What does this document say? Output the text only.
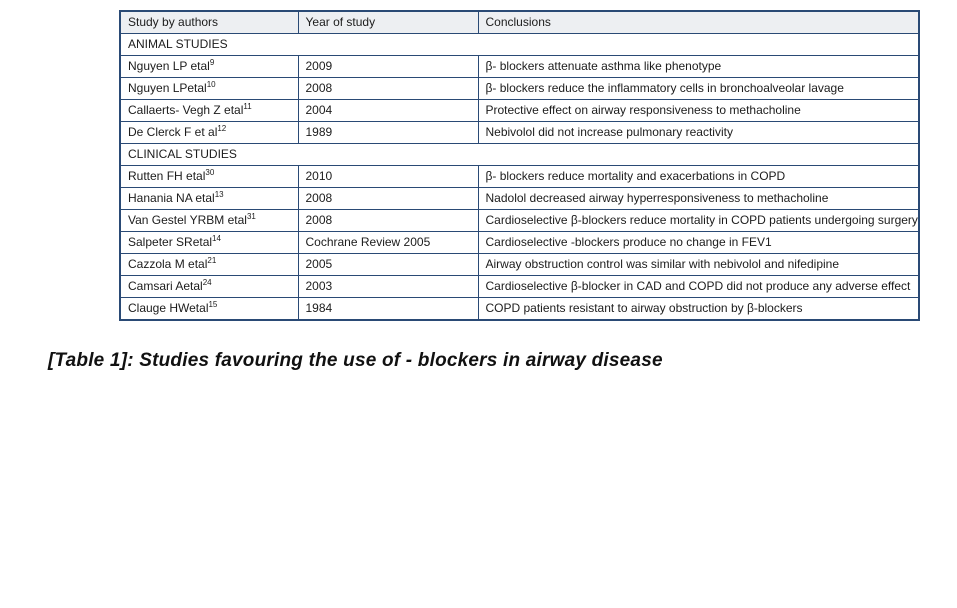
Study by authors	Year of study	Conclusions
ANIMAL STUDIES		
Nguyen LP etal$^9$	2009	β- blockers attenuate asthma like phenotype
Nguyen LPetal$^{10}$	2008	β- blockers reduce the inflammatory cells in bronchoalveolar lavage
Callaerts- Vegh Z etal$^{11}$	2004	Protective effect on airway responsiveness to methacholine
De Clerck F et $al^{12}$	1989	Nebivolol did not increase pulmonary reactivity
CLINICAL STUDIES		
Rutten FH etal$^{30}$	2010	β- blockers reduce mortality and exacerbations in COPD
Hanania NA etal$^{13}$	2008	Nadolol decreased airway hyperresponsiveness to methacholine
Van Gestel YRBM etal$^{31}$	2008	Cardioselective β-blockers reduce mortality in COPD patients undergoing surgery
Salpeter SRetal$^{14}$	Cochrane Review 2005	Cardioselective -blockers produce no change in FEV1
Cazzola M etal$^{21}$	2005	Airway obstruction control was similar with nebivolol and nifedipine
Camsari Aetal$^{24}$	2003	Cardioselective β-blocker in CAD and COPD did not produce any adverse effect
Clauge HWetal$^{15}$	1984	COPD patients resistant to airway obstruction by β-blockers
[Table 1]: Studies favouring the use of - blockers in airway disease
